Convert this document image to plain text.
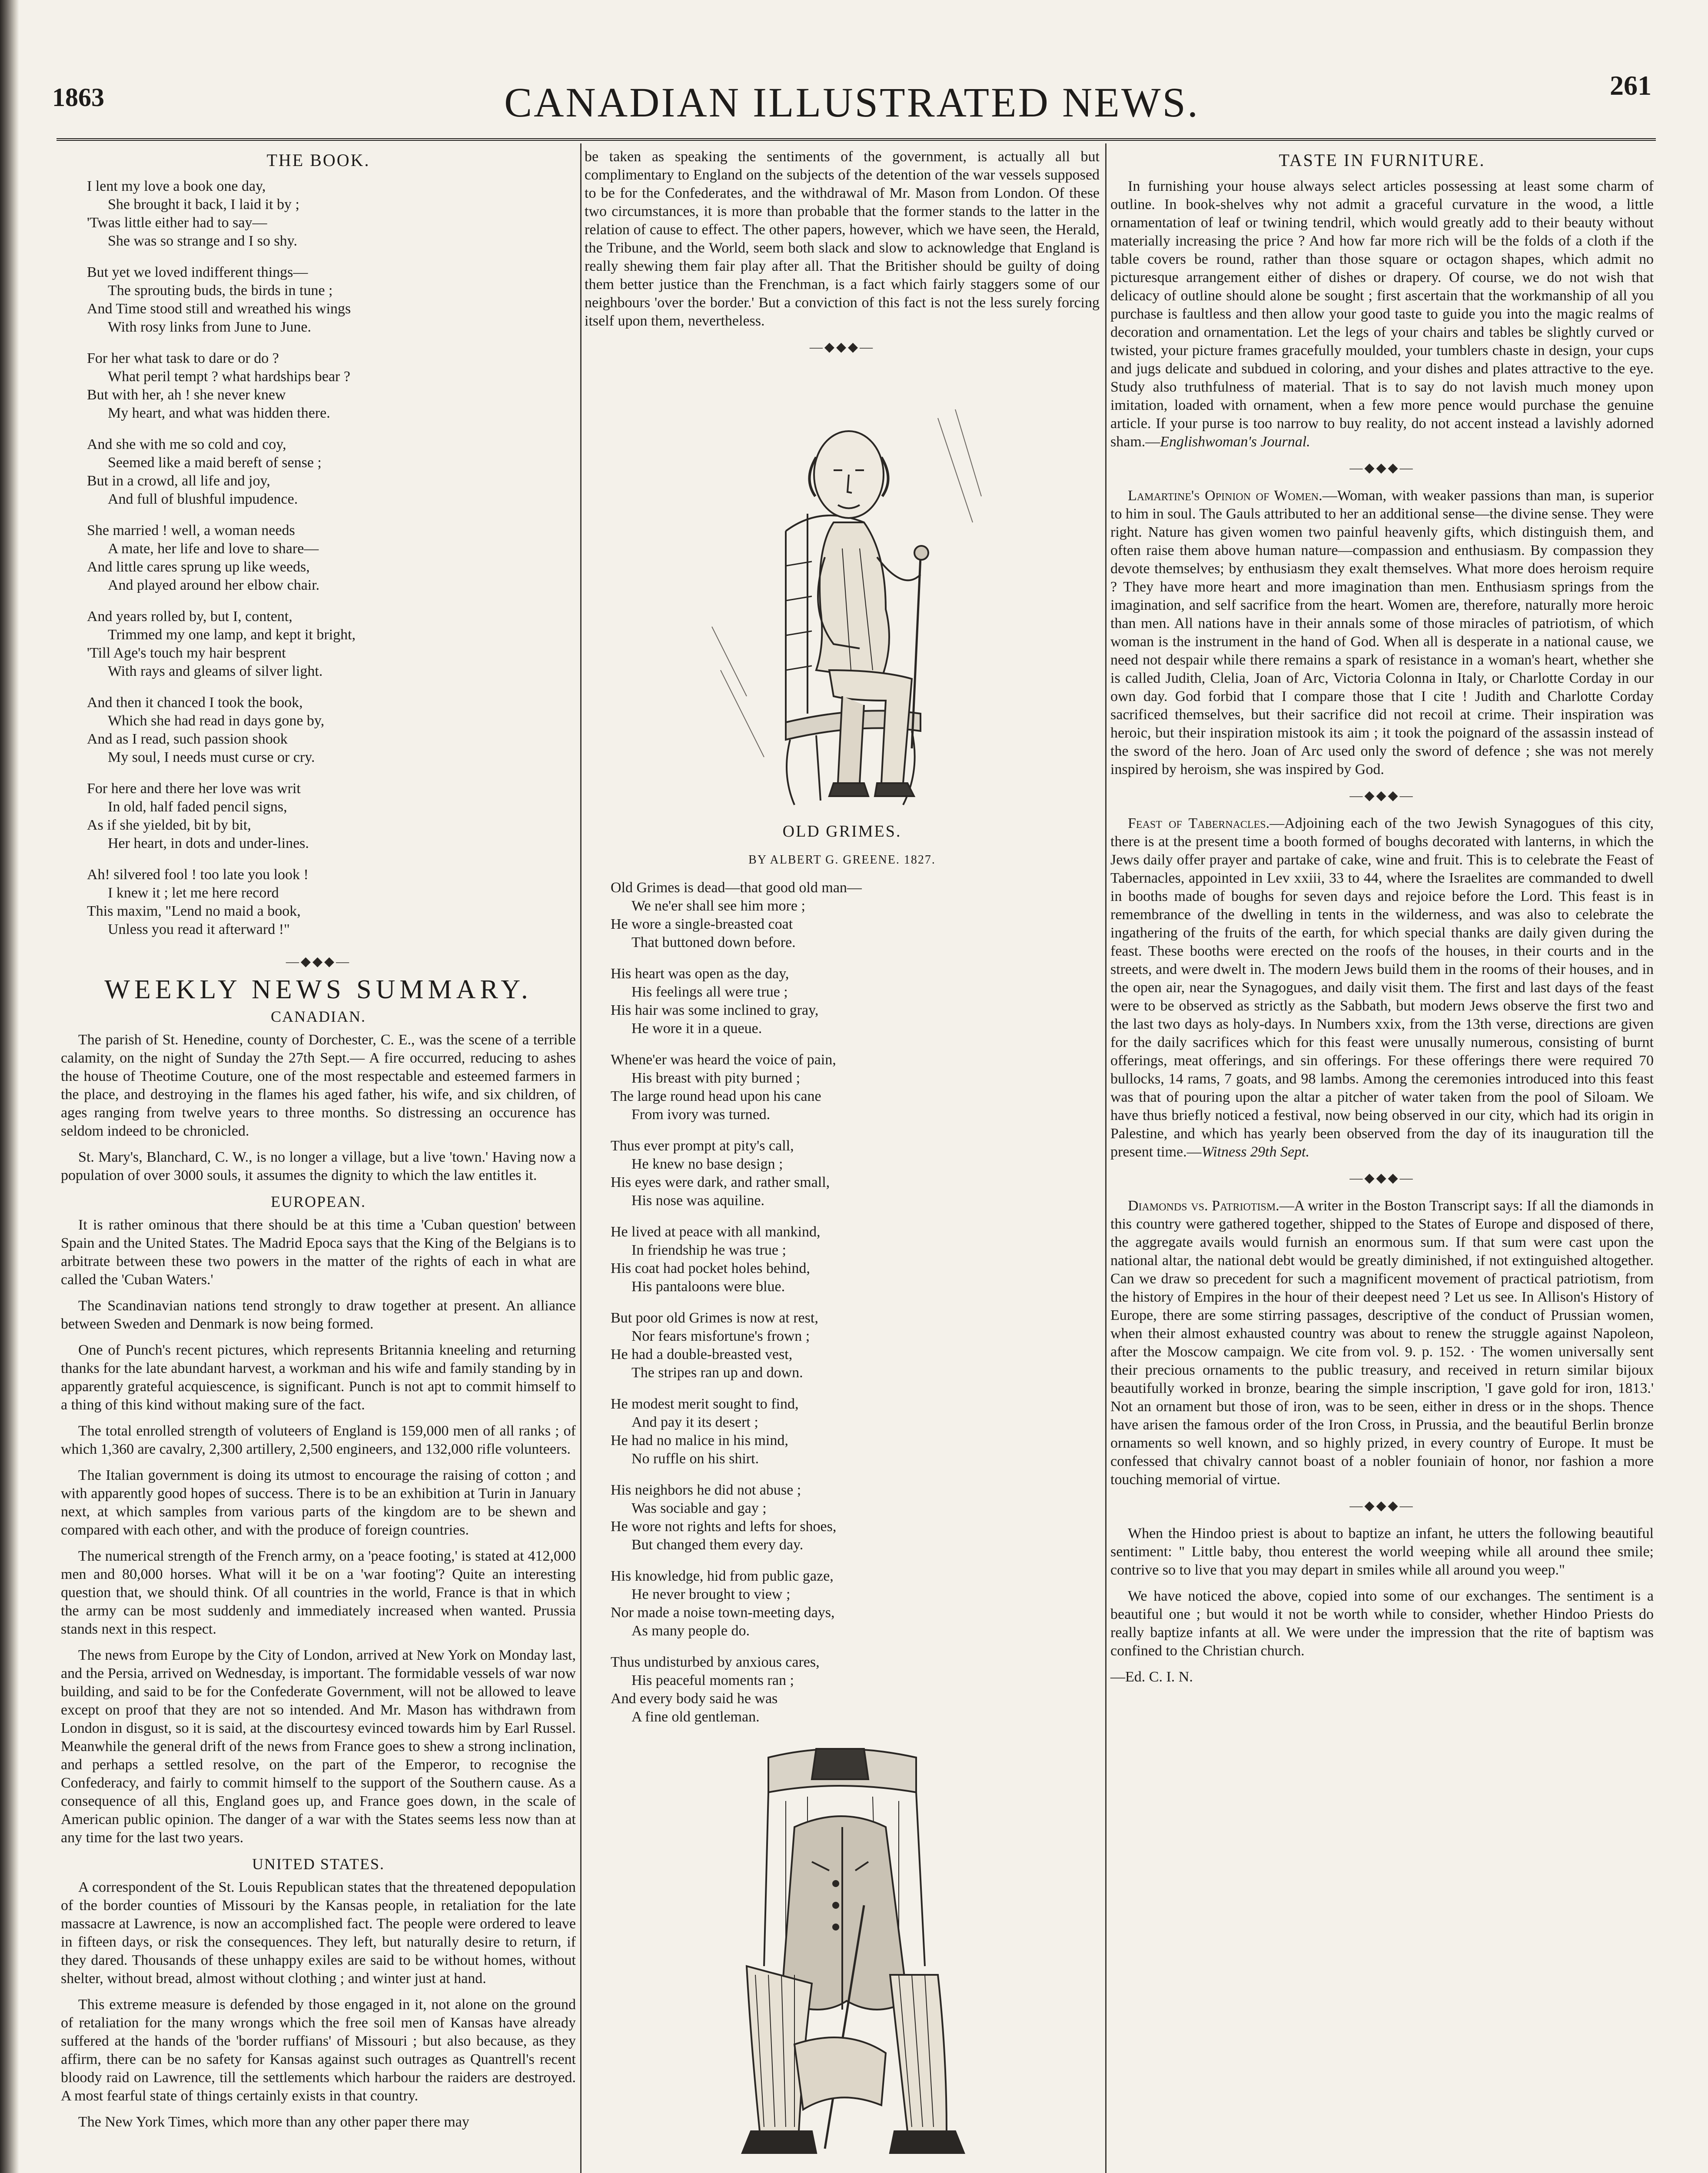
1863	CANADIAN ILLUSTRATED NEWS.	261
THE BOOK.
I lent my love a book one day,
She brought it back, I laid it by ;
'Twas little either had to say—
She was so strange and I so shy.
But yet we loved indifferent things—
The sprouting buds, the birds in tune ;
And Time stood still and wreathed his wings
With rosy links from June to June.
For her what task to dare or do ?
What peril tempt ? what hardships bear ?
But with her, ah ! she never knew
My heart, and what was hidden there.
And she with me so cold and coy,
Seemed like a maid bereft of sense ;
But in a crowd, all life and joy,
And full of blushful impudence.
She married ! well, a woman needs
A mate, her life and love to share—
And little cares sprung up like weeds,
And played around her elbow chair.
And years rolled by, but I, content,
Trimmed my one lamp, and kept it bright,
'Till Age's touch my hair besprent
With rays and gleams of silver light.
And then it chanced I took the book,
Which she had read in days gone by,
And as I read, such passion shook
My soul, I needs must curse or cry.
For here and there her love was writ
In old, half faded pencil signs,
As if she yielded, bit by bit,
Her heart, in dots and under-lines.
Ah! silvered fool ! too late you look !
I knew it ; let me here record
This maxim, "Lend no maid a book,
Unless you read it afterward !"
—◆◆◆—
WEEKLY NEWS SUMMARY.
CANADIAN.

The parish of St. Henedine, county of Dorchester, C. E., was the scene of a terrible calamity, on the night of Sunday the 27th Sept.— A fire occurred, reducing to ashes the house of Theotime Couture, one of the most respectable and esteemed farmers in the place, and destroying in the flames his aged father, his wife, and six children, of ages ranging from twelve years to three months. So distressing an occurence has seldom indeed to be chronicled.

St. Mary's, Blanchard, C. W., is no longer a village, but a live 'town.' Having now a population of over 3000 souls, it assumes the dignity to which the law entitles it.

EUROPEAN.

It is rather ominous that there should be at this time a 'Cuban question' between Spain and the United States. The Madrid Epoca says that the King of the Belgians is to arbitrate between these two powers in the matter of the rights of each in what are called the 'Cuban Waters.'

The Scandinavian nations tend strongly to draw together at present. An alliance between Sweden and Denmark is now being formed.

One of Punch's recent pictures, which represents Britannia kneeling and returning thanks for the late abundant harvest, a workman and his wife and family standing by in apparently grateful acquiescence, is significant. Punch is not apt to commit himself to a thing of this kind without making sure of the fact.

The total enrolled strength of voluteers of England is 159,000 men of all ranks ; of which 1,360 are cavalry, 2,300 artillery, 2,500 engineers, and 132,000 rifle volunteers.

The Italian government is doing its utmost to encourage the raising of cotton ; and with apparently good hopes of success. There is to be an exhibition at Turin in January next, at which samples from various parts of the kingdom are to be shewn and compared with each other, and with the produce of foreign countries.

The numerical strength of the French army, on a 'peace footing,' is stated at 412,000 men and 80,000 horses. What will it be on a 'war footing'? Quite an interesting question that, we should think. Of all countries in the world, France is that in which the army can be most suddenly and immediately increased when wanted. Prussia stands next in this respect.

The news from Europe by the City of London, arrived at New York on Monday last, and the Persia, arrived on Wednesday, is important. The formidable vessels of war now building, and said to be for the Confederate Government, will not be allowed to leave except on proof that they are not so intended. And Mr. Mason has withdrawn from London in disgust, so it is said, at the discourtesy evinced towards him by Earl Russel. Meanwhile the general drift of the news from France goes to shew a strong inclination, and perhaps a settled resolve, on the part of the Emperor, to recognise the Confederacy, and fairly to commit himself to the support of the Southern cause. As a consequence of all this, England goes up, and France goes down, in the scale of American public opinion. The danger of a war with the States seems less now than at any time for the last two years.

UNITED STATES.

A correspondent of the St. Louis Republican states that the threatened depopulation of the border counties of Missouri by the Kansas people, in retaliation for the late massacre at Lawrence, is now an accomplished fact. The people were ordered to leave in fifteen days, or risk the consequences. They left, but naturally desire to return, if they dared. Thousands of these unhappy exiles are said to be without homes, without shelter, without bread, almost without clothing ; and winter just at hand.

This extreme measure is defended by those engaged in it, not alone on the ground of retaliation for the many wrongs which the free soil men of Kansas have already suffered at the hands of the 'border ruffians' of Missouri ; but also because, as they affirm, there can be no safety for Kansas against such outrages as Quantrell's recent bloody raid on Lawrence, till the settlements which harbour the raiders are destroyed. A most fearful state of things certainly exists in that country.

The New York Times, which more than any other paper there may

be taken as speaking the sentiments of the government, is actually all but complimentary to England on the subjects of the detention of the war vessels supposed to be for the Confederates, and the withdrawal of Mr. Mason from London. Of these two circumstances, it is more than probable that the former stands to the latter in the relation of cause to effect. The other papers, however, which we have seen, the Herald, the Tribune, and the World, seem both slack and slow to acknowledge that England is really shewing them fair play after all. That the Britisher should be guilty of doing them better justice than the Frenchman, is a fact which fairly staggers some of our neighbours 'over the border.' But a conviction of this fact is not the less surely forcing itself upon them, nevertheless.

—◆◆◆—
OLD GRIMES.
BY ALBERT G. GREENE. 1827.
Old Grimes is dead—that good old man—
We ne'er shall see him more ;
He wore a single-breasted coat
That buttoned down before.
His heart was open as the day,
His feelings all were true ;
His hair was some inclined to gray,
He wore it in a queue.
Whene'er was heard the voice of pain,
His breast with pity burned ;
The large round head upon his cane
From ivory was turned.
Thus ever prompt at pity's call,
He knew no base design ;
His eyes were dark, and rather small,
His nose was aquiline.
He lived at peace with all mankind,
In friendship he was true ;
His coat had pocket holes behind,
His pantaloons were blue.
But poor old Grimes is now at rest,
Nor fears misfortune's frown ;
He had a double-breasted vest,
The stripes ran up and down.
He modest merit sought to find,
And pay it its desert ;
He had no malice in his mind,
No ruffle on his shirt.
His neighbors he did not abuse ;
Was sociable and gay ;
He wore not rights and lefts for shoes,
But changed them every day.
His knowledge, hid from public gaze,
He never brought to view ;
Nor made a noise town-meeting days,
As many people do.
Thus undisturbed by anxious cares,
His peaceful moments ran ;
And every body said he was
A fine old gentleman.
TASTE IN FURNITURE.

In furnishing your house always select articles possessing at least some charm of outline. In book-shelves why not admit a graceful curvature in the wood, a little ornamentation of leaf or twining tendril, which would greatly add to their beauty without materially increasing the price ? And how far more rich will be the folds of a cloth if the table covers be round, rather than those square or octagon shapes, which admit no picturesque arrangement either of dishes or drapery. Of course, we do not wish that delicacy of outline should alone be sought ; first ascertain that the workmanship of all you purchase is faultless and then allow your good taste to guide you into the magic realms of decoration and ornamentation. Let the legs of your chairs and tables be slightly curved or twisted, your picture frames gracefully moulded, your tumblers chaste in design, your cups and jugs delicate and subdued in coloring, and your dishes and plates attractive to the eye. Study also truthfulness of material. That is to say do not lavish much money upon imitation, loaded with ornament, when a few more pence would purchase the genuine article. If your purse is too narrow to buy reality, do not accent instead a lavishly adorned sham.—Englishwoman's Journal.

—◆◆◆—

Lamartine's Opinion of Women.—Woman, with weaker passions than man, is superior to him in soul. The Gauls attributed to her an additional sense—the divine sense. They were right. Nature has given women two painful heavenly gifts, which distinguish them, and often raise them above human nature—compassion and enthusiasm. By compassion they devote themselves; by enthusiasm they exalt themselves. What more does heroism require ? They have more heart and more imagination than men. Enthusiasm springs from the imagination, and self sacrifice from the heart. Women are, therefore, naturally more heroic than men. All nations have in their annals some of those miracles of patriotism, of which woman is the instrument in the hand of God. When all is desperate in a national cause, we need not despair while there remains a spark of resistance in a woman's heart, whether she is called Judith, Clelia, Joan of Arc, Victoria Colonna in Italy, or Charlotte Corday in our own day. God forbid that I compare those that I cite ! Judith and Charlotte Corday sacrificed themselves, but their sacrifice did not recoil at crime. Their inspiration was heroic, but their inspiration mistook its aim ; it took the poignard of the assassin instead of the sword of the hero. Joan of Arc used only the sword of defence ; she was not merely inspired by heroism, she was inspired by God.

—◆◆◆—

Feast of Tabernacles.—Adjoining each of the two Jewish Synagogues of this city, there is at the present time a booth formed of boughs decorated with lanterns, in which the Jews daily offer prayer and partake of cake, wine and fruit. This is to celebrate the Feast of Tabernacles, appointed in Lev xxiii, 33 to 44, where the Israelites are commanded to dwell in booths made of boughs for seven days and rejoice before the Lord. This feast is in remembrance of the dwelling in tents in the wilderness, and was also to celebrate the ingathering of the fruits of the earth, for which special thanks are daily given during the feast. These booths were erected on the roofs of the houses, in their courts and in the streets, and were dwelt in. The modern Jews build them in the rooms of their houses, and in the open air, near the Synagogues, and daily visit them. The first and last days of the feast were to be observed as strictly as the Sabbath, but modern Jews observe the first two and the last two days as holy-days. In Numbers xxix, from the 13th verse, directions are given for the daily sacrifices which for this feast were unusally numerous, consisting of burnt offerings, meat offerings, and sin offerings. For these offerings there were required 70 bullocks, 14 rams, 7 goats, and 98 lambs. Among the ceremonies introduced into this feast was that of pouring upon the altar a pitcher of water taken from the pool of Siloam. We have thus briefly noticed a festival, now being observed in our city, which had its origin in Palestine, and which has yearly been observed from the day of its inauguration till the present time.—Witness 29th Sept.

—◆◆◆—

Diamonds vs. Patriotism.—A writer in the Boston Transcript says: If all the diamonds in this country were gathered together, shipped to the States of Europe and disposed of there, the aggregate avails would furnish an enormous sum. If that sum were cast upon the national altar, the national debt would be greatly diminished, if not extinguished altogether. Can we draw so precedent for such a magnificent movement of practical patriotism, from the history of Empires in the hour of their deepest need ? Let us see. In Allison's History of Europe, there are some stirring passages, descriptive of the conduct of Prussian women, when their almost exhausted country was about to renew the struggle against Napoleon, after the Moscow campaign. We cite from vol. 9. p. 152. · The women universally sent their precious ornaments to the public treasury, and received in return similar bijoux beautifully worked in bronze, bearing the simple inscription, 'I gave gold for iron, 1813.' Not an ornament but those of iron, was to be seen, either in dress or in the shops. Thence have arisen the famous order of the Iron Cross, in Prussia, and the beautiful Berlin bronze ornaments so well known, and so highly prized, in every country of Europe. It must be confessed that chivalry cannot boast of a nobler founiain of honor, nor fashion a more touching memorial of virtue.

—◆◆◆—

When the Hindoo priest is about to baptize an infant, he utters the following beautiful sentiment: " Little baby, thou enterest the world weeping while all around thee smile; contrive so to live that you may depart in smiles while all around you weep."

We have noticed the above, copied into some of our exchanges. The sentiment is a beautiful one ; but would it not be worth while to consider, whether Hindoo Priests do really baptize infants at all. We were under the impression that the rite of baptism was confined to the Christian church.

—Ed. C. I. N.
